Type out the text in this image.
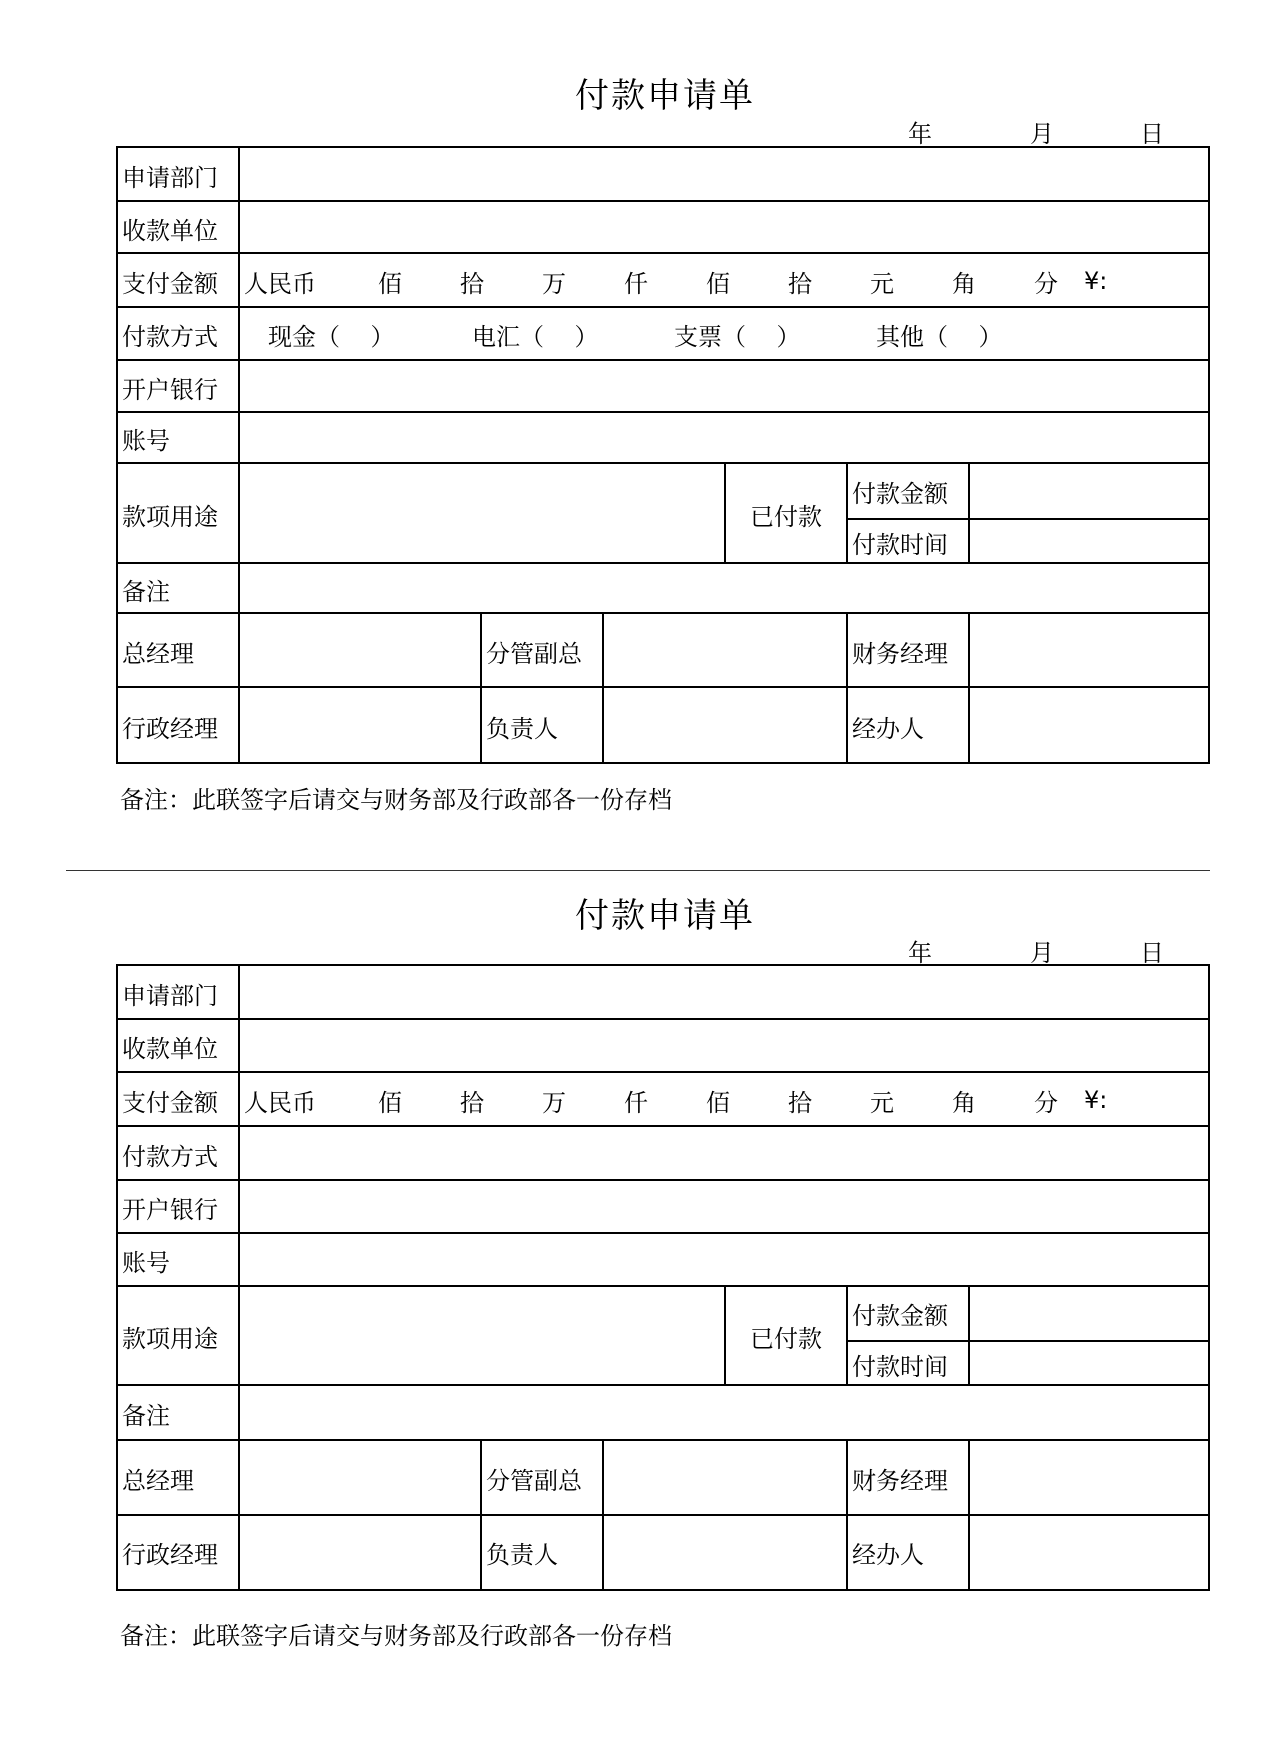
付款申请单
年	月	日
申请部门
收款单位
支付金额	人民币	佰 拾 万 仟 佰 拾 元 角 分 ¥:
付款方式	现金（    ）	电汇（    ）	支票（    ）	其他（    ）
开户银行
账号
款项用途	已付款
付款金额
付款时间
备注
总经理	分管副总	财务经理
行政经理	负责人	经办人
备注：此联签字后请交与财务部及行政部各一份存档
付款申请单
年	月	日
申请部门
收款单位
支付金额	人民币	佰 拾 万 仟 佰 拾 元 角 分 ¥:
付款方式
开户银行
账号
款项用途	已付款
付款金额
付款时间
备注
总经理	分管副总	财务经理
行政经理	负责人	经办人
备注：此联签字后请交与财务部及行政部各一份存档
